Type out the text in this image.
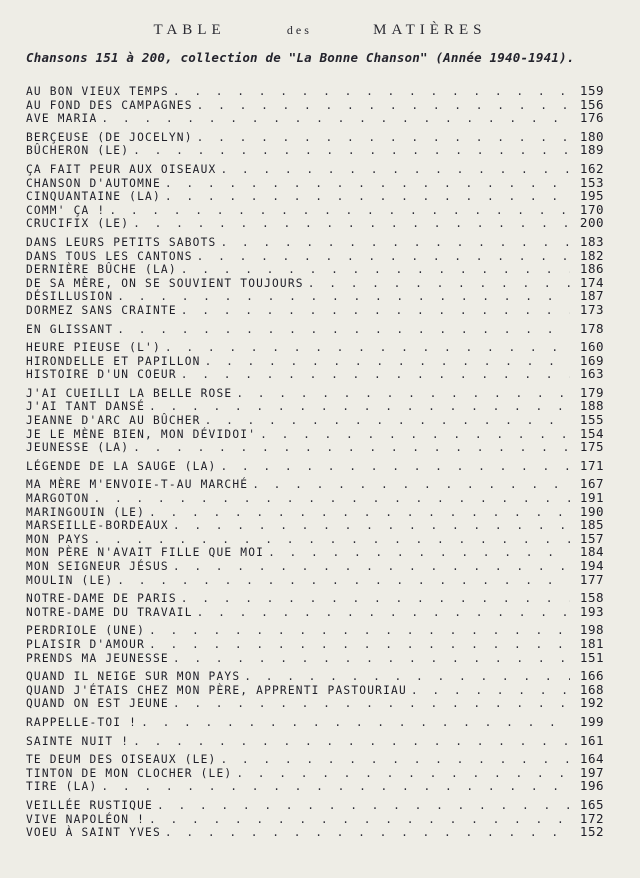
TABLE	des	MATIÈRES
Chansons 151 à 200, collection de "La Bonne Chanson" (Année 1940-1941).
AU BON VIEUX TEMPS . . .	159
AU FOND DES CAMPAGNES . . .	156
AVE MARIA . . .	176
BERÇEUSE (DE JOCELYN) . . .	180
BÛCHERON (LE) . . .	189
ÇA FAIT PEUR AUX OISEAUX . . .	162
CHANSON D'AUTOMNE . . .	153
CINQUANTAINE (LA) . . .	195
COMM' ÇA ! . . .	170
CRUCIFIX (LE) . . .	200
DANS LEURS PETITS SABOTS . . .	183
DANS TOUS LES CANTONS . . .	182
DERNIÈRE BÛCHE (LA) . . .	186
DE SA MÈRE, ON SE SOUVIENT TOUJOURS . . .	174
DÉSILLUSION . . .	187
DORMEZ SANS CRAINTE . . .	173
EN GLISSANT . . .	178
HEURE PIEUSE (L') . . .	160
HIRONDELLE ET PAPILLON . . .	169
HISTOIRE D'UN COEUR . . .	163
J'AI CUEILLI LA BELLE ROSE . . .	179
J'AI TANT DANSÉ . . .	188
JEANNE D'ARC AU BÛCHER . . .	155
JE LE MÈNE BIEN, MON DÉVIDOI' . . .	154
JEUNESSE (LA) . . .	175
LÉGENDE DE LA SAUGE (LA) . . .	171
MA MÈRE M'ENVOIE-T-AU MARCHÉ . . .	167
MARGOTON . . .	191
MARINGOUIN (LE) . . .	190
MARSEILLE-BORDEAUX . . .	185
MON PAYS . . .	157
MON PÈRE N'AVAIT FILLE QUE MOI . . .	184
MON SEIGNEUR JÉSUS . . .	194
MOULIN (LE) . . .	177
NOTRE-DAME DE PARIS . . .	158
NOTRE-DAME DU TRAVAIL . . .	193
PERDRIOLE (UNE) . . .	198
PLAISIR D'AMOUR . . .	181
PRENDS MA JEUNESSE . . .	151
QUAND IL NEIGE SUR MON PAYS . . .	166
QUAND J'ÉTAIS CHEZ MON PÈRE, APPRENTI PASTOURIAU . . .	168
QUAND ON EST JEUNE . . .	192
RAPPELLE-TOI ! . . .	199
SAINTE NUIT ! . . .	161
TE DEUM DES OISEAUX (LE) . . .	164
TINTON DE MON CLOCHER (LE) . . .	197
TIRE (LA) . . .	196
VEILLÉE RUSTIQUE . . .	165
VIVE NAPOLÉON ! . . .	172
VOEU À SAINT YVES . . .	152
